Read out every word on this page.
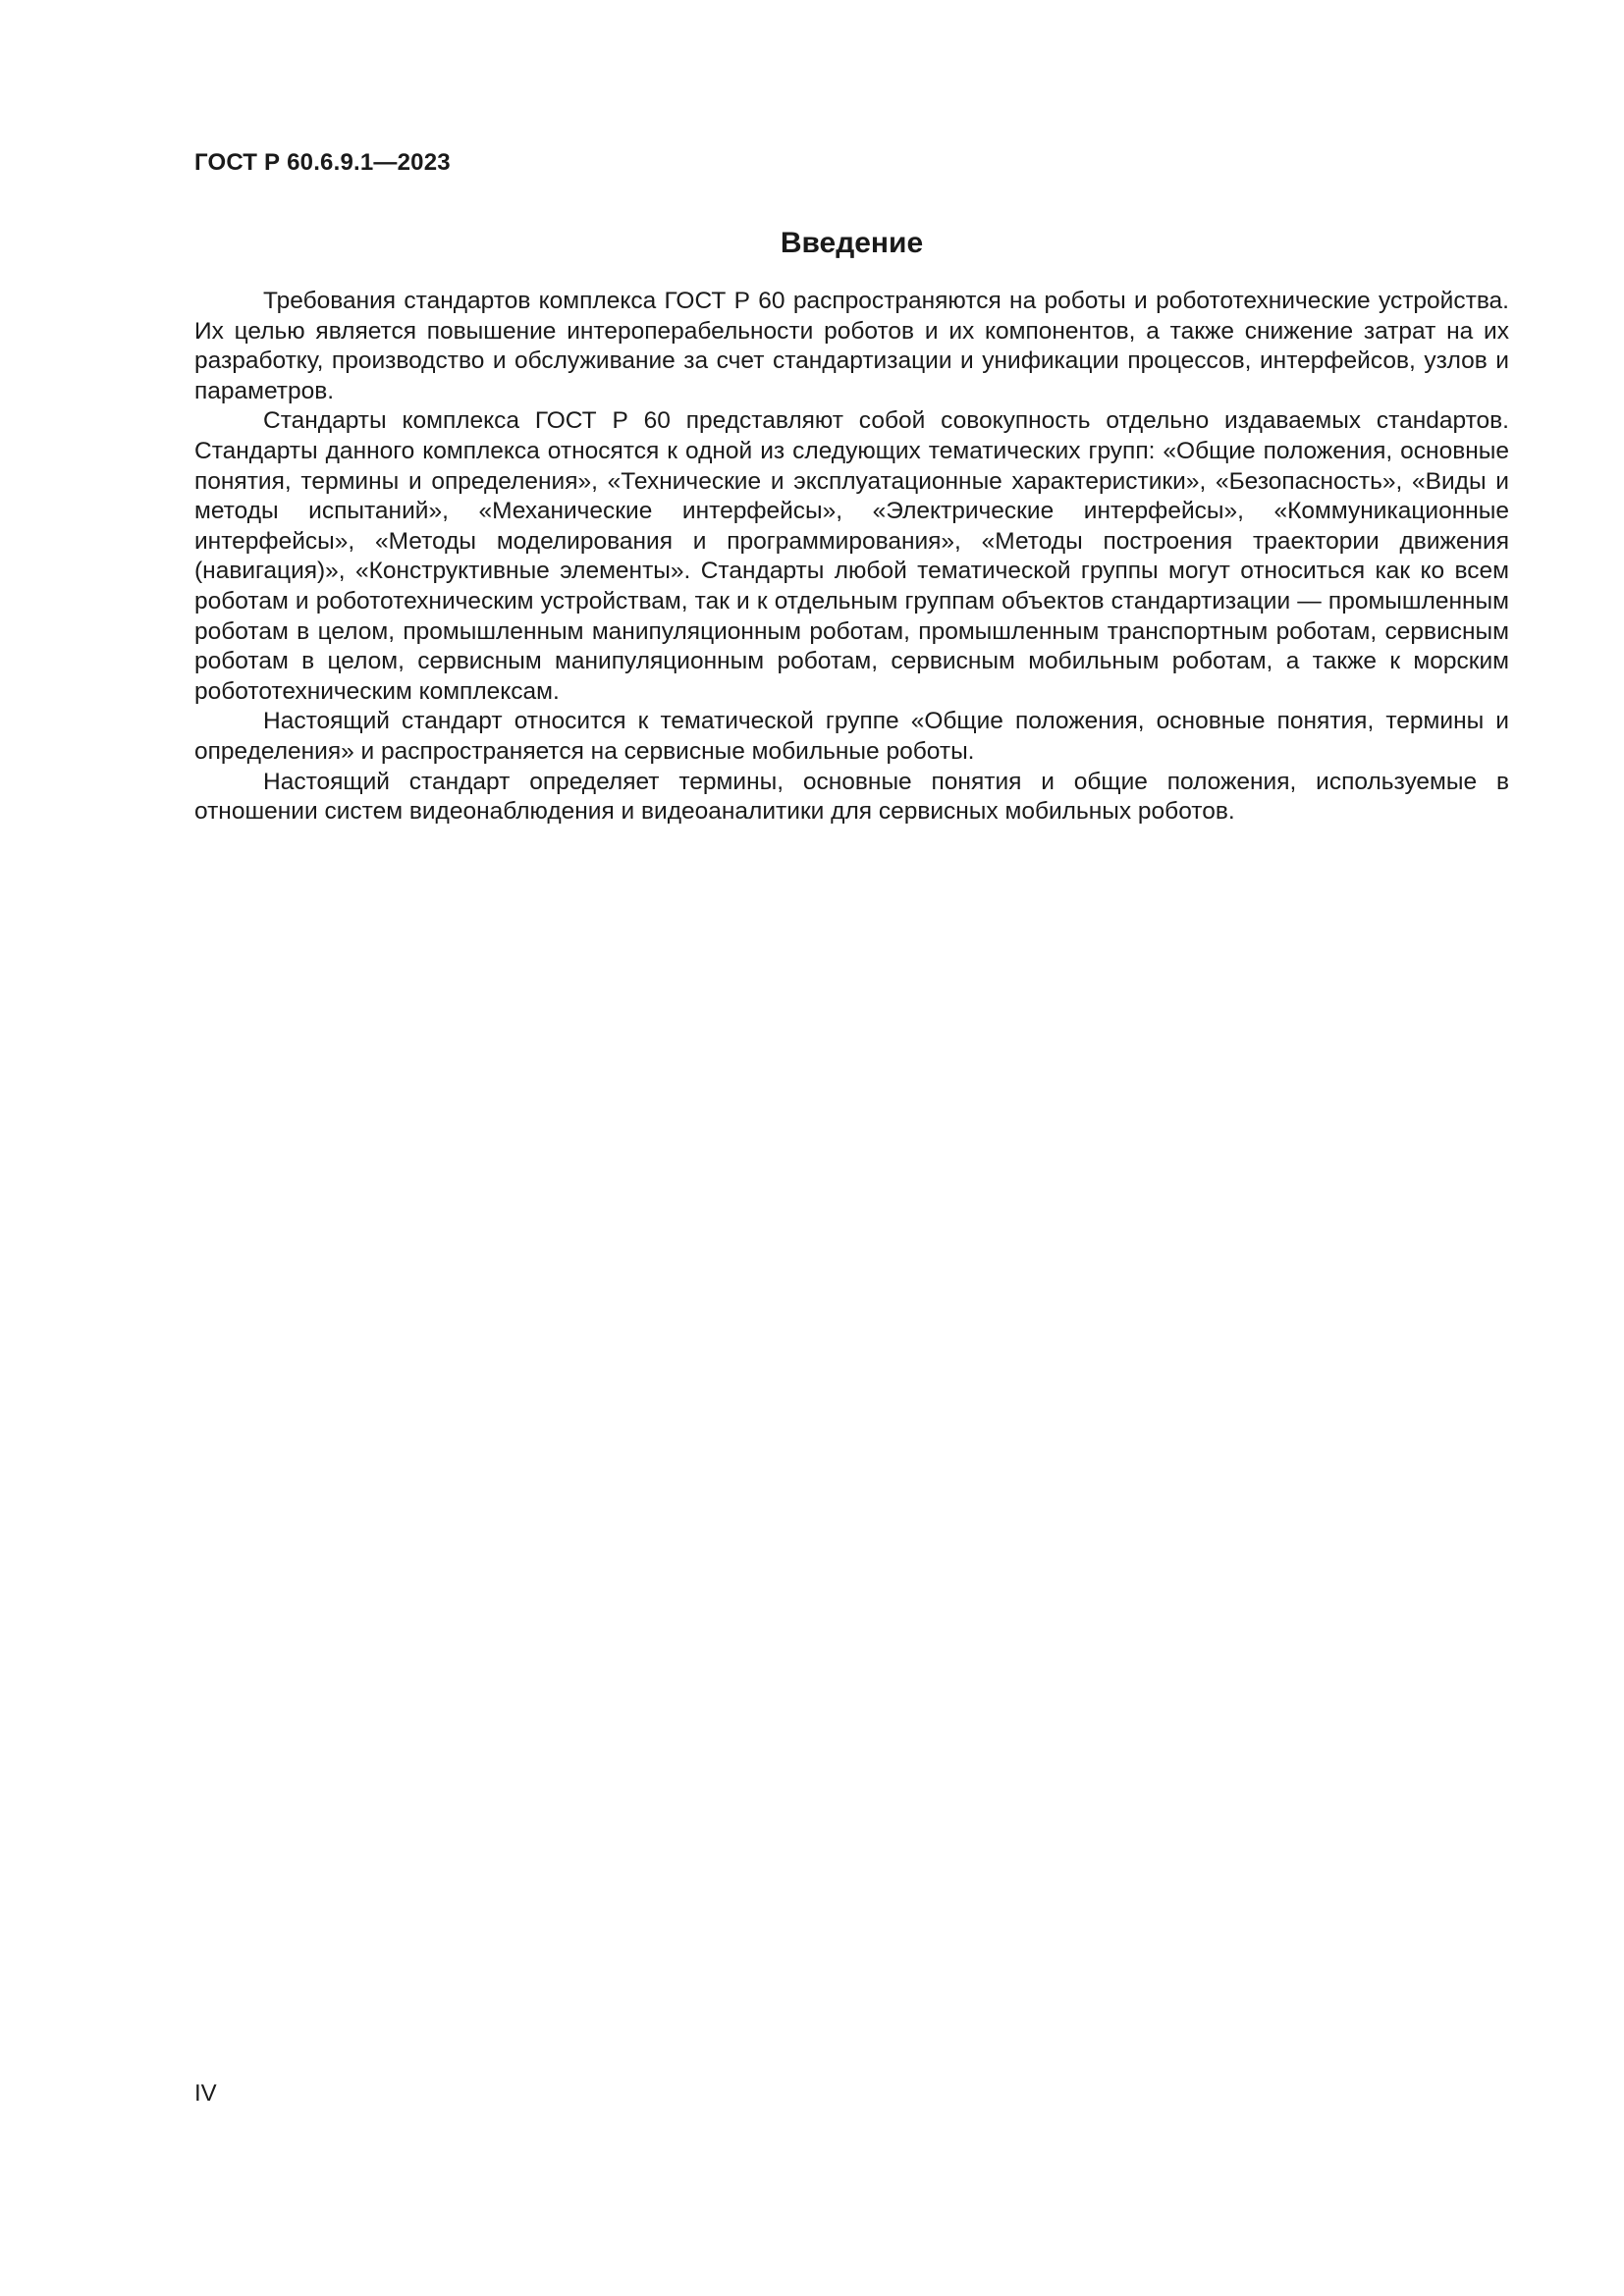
ГОСТ Р 60.6.9.1—2023
Введение

Требования стандартов комплекса ГОСТ Р 60 распространяются на роботы и робототехнические устройства. Их целью является повышение интероперабельности роботов и их компонентов, а также снижение затрат на их разработку, производство и обслуживание за счет стандартизации и унификации процессов, интерфейсов, узлов и параметров.

Стандарты комплекса ГОСТ Р 60 представляют собой совокупность отдельно издаваемых станdартов. Стандарты данного комплекса относятся к одной из следующих тематических групп: «Общие положения, основные понятия, термины и определения», «Технические и эксплуатационные характеристики», «Безопасность», «Виды и методы испытаний», «Механические интерфейсы», «Электрические интерфейсы», «Коммуникационные интерфейсы», «Методы моделирования и программирования», «Методы построения траектории движения (навигация)», «Конструктивные элементы». Стандарты любой тематической группы могут относиться как ко всем роботам и робототехническим устройствам, так и к отдельным группам объектов стандартизации — промышленным роботам в целом, промышленным манипуляционным роботам, промышленным транспортным роботам, сервисным роботам в целом, сервисным манипуляционным роботам, сервисным мобильным роботам, а также к морским робототехническим комплексам.

Настоящий стандарт относится к тематической группе «Общие положения, основные понятия, термины и определения» и распространяется на сервисные мобильные роботы.

Настоящий стандарт определяет термины, основные понятия и общие положения, используемые в отношении систем видеонаблюдения и видеоаналитики для сервисных мобильных роботов.

IV
